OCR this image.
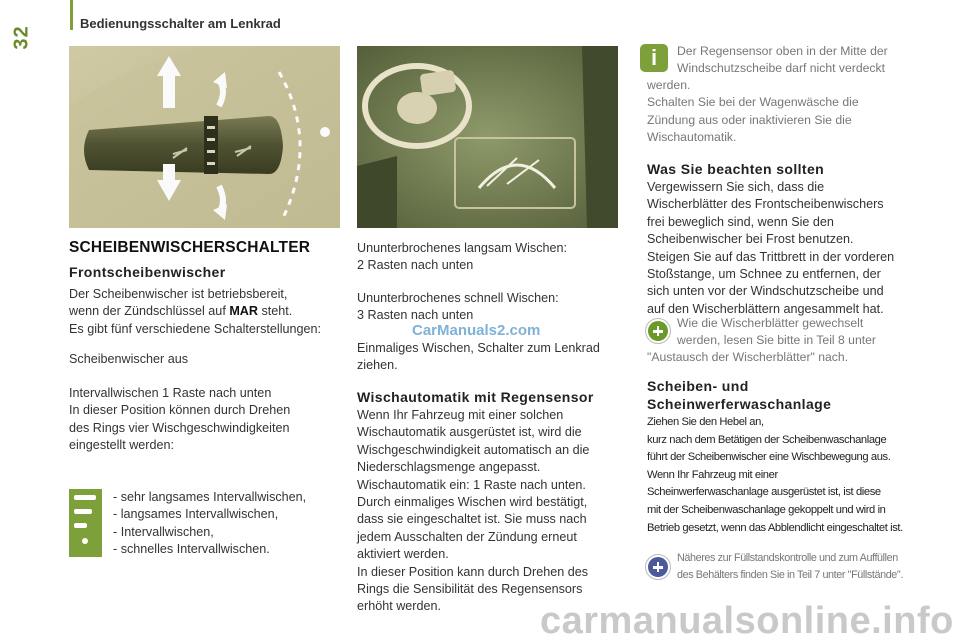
32
Bedienungsschalter am Lenkrad
SCHEIBENWISCHERSCHALTER
Frontscheibenwischer

Der Scheibenwischer ist betriebsbereit,
wenn der Zündschlüssel auf MAR steht.
Es gibt fünf verschiedene Schalterstellungen:

Scheibenwischer aus

Intervallwischen 1 Raste nach unten
In dieser Position können durch Drehen
des Rings vier Wischgeschwindigkeiten
eingestellt werden:

- sehr langsames Intervallwischen,
- langsames Intervallwischen,
- Intervallwischen,
- schnelles Intervallwischen.

Ununterbrochenes langsam Wischen:
2 Rasten nach unten

Ununterbrochenes schnell Wischen:
3 Rasten nach unten

CarManuals2.com

Einmaliges Wischen, Schalter zum Lenkrad
ziehen.

Wischautomatik mit Regensensor

Wenn Ihr Fahrzeug mit einer solchen
Wischautomatik ausgerüstet ist, wird die
Wischgeschwindigkeit automatisch an die
Niederschlagsmenge angepasst.
Wischautomatik ein: 1 Raste nach unten.
Durch einmaliges Wischen wird bestätigt,
dass sie eingeschaltet ist. Sie muss nach
jedem Ausschalten der Zündung erneut
aktiviert werden.
In dieser Position kann durch Drehen des
Rings die Sensibilität des Regensensors
erhöht werden.

i	Der Regensensor oben in der Mitte der
Windschutzscheibe darf nicht verdeckt

werden.
Schalten Sie bei der Wagenwäsche die
Zündung aus oder inaktivieren Sie die
Wischautomatik.

Was Sie beachten sollten

Vergewissern Sie sich, dass die
Wischerblätter des Frontscheibenwischers
frei beweglich sind, wenn Sie den
Scheibenwischer bei Frost benutzen.
Steigen Sie auf das Trittbrett in der vorderen
Stoßstange, um Schnee zu entfernen, der
sich unten vor der Windschutzscheibe und
auf den Wischerblättern angesammelt hat.

Wie die Wischerblätter gewechselt
werden, lesen Sie bitte in Teil 8 unter

"Austausch der Wischerblätter" nach.

Scheiben- und
Scheinwerferwaschanlage

Ziehen Sie den Hebel an,
kurz nach dem Betätigen der Scheibenwaschanlage
führt der Scheibenwischer eine Wischbewegung aus.
Wenn Ihr Fahrzeug mit einer
Scheinwerferwaschanlage ausgerüstet ist, ist diese
mit der Scheibenwaschanlage gekoppelt und wird in
Betrieb gesetzt, wenn das Abblendlicht eingeschaltet ist.

Näheres zur Füllstandskontrolle und zum Auffüllen
des Behälters finden Sie in Teil 7 unter "Füllstände".

carmanualsonline.info
